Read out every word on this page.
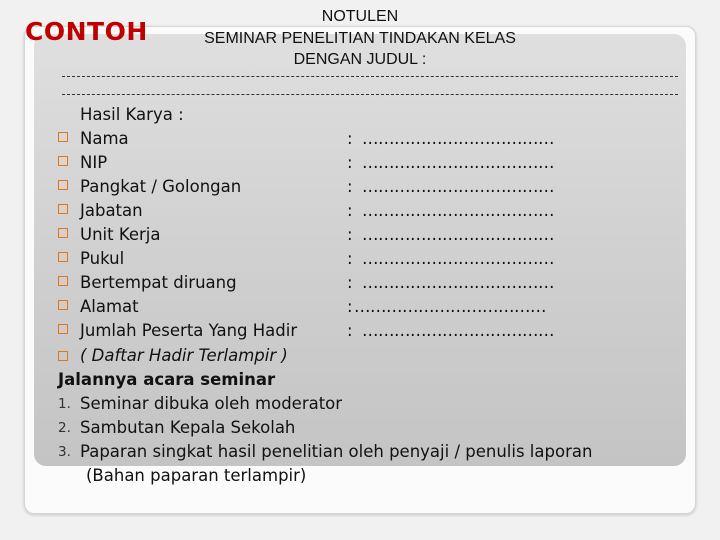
CONTOH
NOTULEN
SEMINAR PENELITIAN TINDAKAN KELAS
DENGAN JUDUL :
Hasil Karya :
Nama	: ………………………………
NIP	: ………………………………
Pangkat / Golongan	: ………………………………
Jabatan	: ………………………………
Unit Kerja	: ………………………………
Pukul	: ………………………………
Bertempat diruang	: ………………………………
Alamat	: ………………………………
Jumlah Peserta Yang Hadir	: ………………………………
( Daftar Hadir Terlampir )
Jalannya acara seminar
1. Seminar dibuka oleh moderator
2. Sambutan Kepala Sekolah
3. Paparan singkat hasil penelitian oleh penyaji / penulis laporan
(Bahan paparan terlampir)
